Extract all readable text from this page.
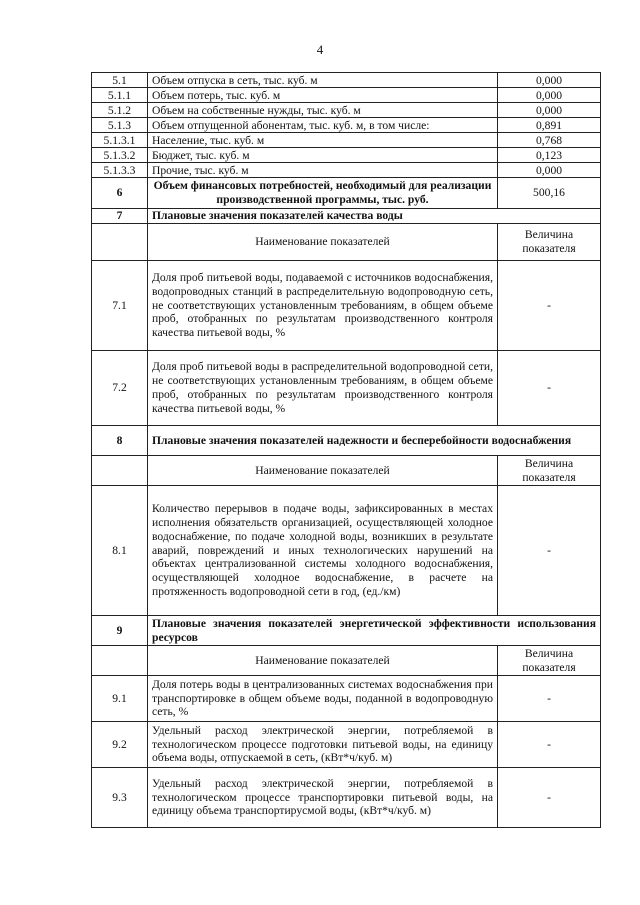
4
5.1	Объем отпуска в сеть, тыс. куб. м	0,000
5.1.1	Объем потерь, тыс. куб. м	0,000
5.1.2	Объем на собственные нужды, тыс. куб. м	0,000
5.1.3	Объем отпущенной абонентам, тыс. куб. м, в том числе:	0,891
5.1.3.1	Население, тыс. куб. м	0,768
5.1.3.2	Бюджет, тыс. куб. м	0,123
5.1.3.3	Прочие, тыс. куб. м	0,000
6	Объем финансовых потребностей, необходимый для реализации производственной программы, тыс. руб.	500,16
7	Плановые значения показателей качества воды	
	Наименование показателей	Величина показателя
7.1	Доля проб питьевой воды, подаваемой с источников водоснабжения, водопроводных станций в распределительную водопроводную сеть, не соответствующих установленным требованиям, в общем объеме проб, отобранных по результатам производственного контроля качества питьевой воды, %	-
7.2	Доля проб питьевой воды в распределительной водопроводной сети, не соответствующих установленным требованиям, в общем объеме проб, отобранных по результатам производственного контроля качества питьевой воды, %	-
8	Плановые значения показателей надежности и бесперебойности водоснабжения	
	Наименование показателей	Величина показателя
8.1	Количество перерывов в подаче воды, зафиксированных в местах исполнения обязательств организацией, осуществляющей холодное водоснабжение, по подаче холодной воды, возникших в результате аварий, повреждений и иных технологических нарушений на объектах централизованной системы холодного водоснабжения, осуществляющей холодное водоснабжение, в расчете на протяженность водопроводной сети в год, (ед./км)	-
9	Плановые значения показателей энергетической эффективности использования ресурсов	
	Наименование показателей	Величина показателя
9.1	Доля потерь воды в централизованных системах водоснабжения при транспортировке в общем объеме воды, поданной в водопроводную сеть, %	-
9.2	Удельный расход электрической энергии, потребляемой в технологическом процессе подготовки питьевой воды, на единицу объема воды, отпускаемой в сеть, (кВт*ч/куб. м)	-
9.3	Удельный расход электрической энергии, потребляемой в технологическом процессе транспортировки питьевой воды, на единицу объема транспортирусмой воды, (кВт*ч/куб. м)	-
